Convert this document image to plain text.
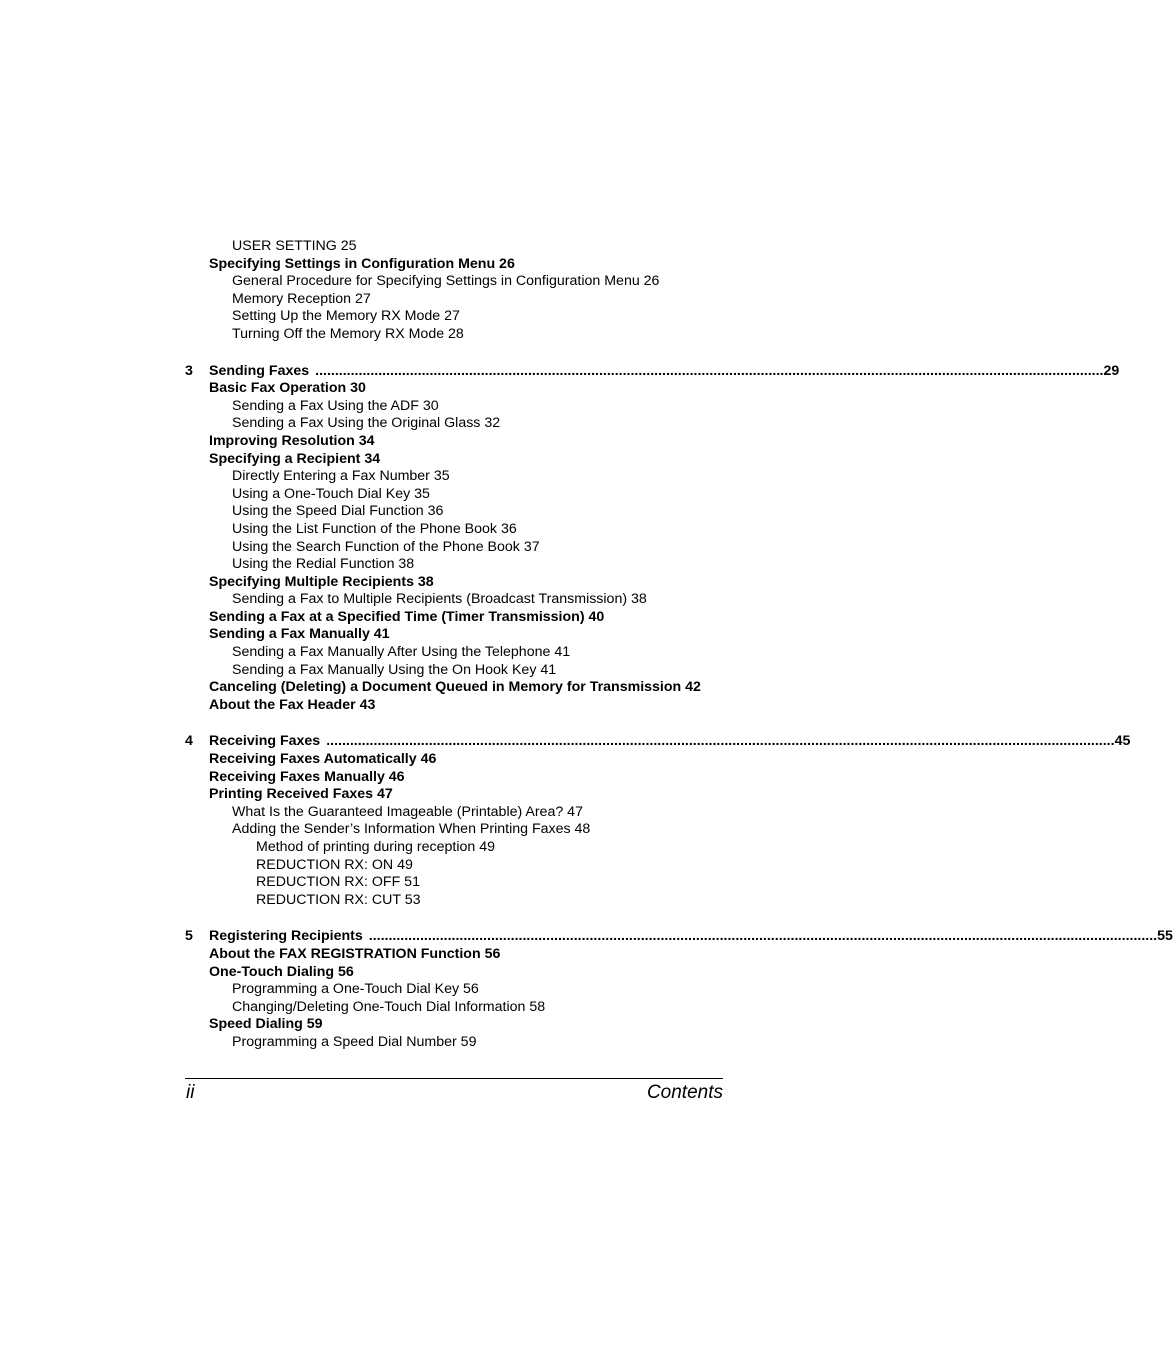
USER SETTING 25
Specifying Settings in Configuration Menu 26
General Procedure for Specifying Settings in Configuration Menu 26
Memory Reception 27
Setting Up the Memory RX Mode 27
Turning Off the Memory RX Mode 28
3	Sending Faxes ........................................................................................................................................................................................................ 29
Basic Fax Operation 30
Sending a Fax Using the ADF 30
Sending a Fax Using the Original Glass 32
Improving Resolution 34
Specifying a Recipient 34
Directly Entering a Fax Number 35
Using a One-Touch Dial Key 35
Using the Speed Dial Function 36
Using the List Function of the Phone Book 36
Using the Search Function of the Phone Book 37
Using the Redial Function 38
Specifying Multiple Recipients 38
Sending a Fax to Multiple Recipients (Broadcast Transmission) 38
Sending a Fax at a Specified Time (Timer Transmission) 40
Sending a Fax Manually 41
Sending a Fax Manually After Using the Telephone 41
Sending a Fax Manually Using the On Hook Key 41
Canceling (Deleting) a Document Queued in Memory for Transmission 42
About the Fax Header 43
4	Receiving Faxes ........................................................................................................................................................................................................ 45
Receiving Faxes Automatically 46
Receiving Faxes Manually 46
Printing Received Faxes 47
What Is the Guaranteed Imageable (Printable) Area? 47
Adding the Sender’s Information When Printing Faxes 48
Method of printing during reception 49
REDUCTION RX: ON 49
REDUCTION RX: OFF 51
REDUCTION RX: CUT 53
5	Registering Recipients ........................................................................................................................................................................................................ 55
About the FAX REGISTRATION Function 56
One-Touch Dialing 56
Programming a One-Touch Dial Key 56
Changing/Deleting One-Touch Dial Information 58
Speed Dialing 59
Programming a Speed Dial Number 59
ii	Contents
